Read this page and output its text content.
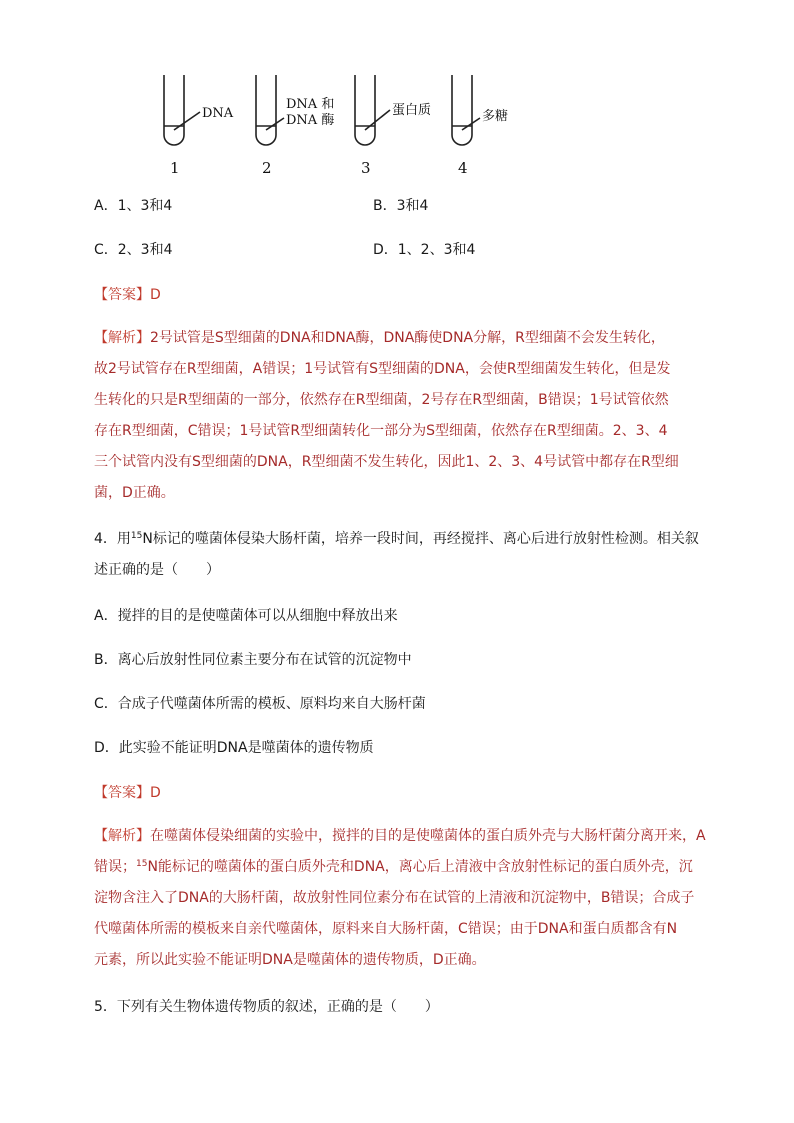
DNA
DNA 和
DNA 酶
蛋白质	多糖
1	2	3	4
A．1、3和4	B．3和4
C．2、3和4	D．1、2、3和4
【答案】D

【解析】2号试管是S型细菌的DNA和DNA酶，DNA酶使DNA分解，R型细菌不会发生转化，

故2号试管存在R型细菌，A错误；1号试管有S型细菌的DNA，会使R型细菌发生转化，但是发

生转化的只是R型细菌的一部分，依然存在R型细菌，2号存在R型细菌，B错误；1号试管依然

存在R型细菌，C错误；1号试管R型细菌转化一部分为S型细菌，依然存在R型细菌。2、3、4

三个试管内没有S型细菌的DNA，R型细菌不发生转化，因此1、2、3、4号试管中都存在R型细

菌，D正确。

4．用$^{15}$N标记的噬菌体侵染大肠杆菌，培养一段时间，再经搅拌、离心后进行放射性检测。相关叙

述正确的是（　　）

A．搅拌的目的是使噬菌体可以从细胞中释放出来
B．离心后放射性同位素主要分布在试管的沉淀物中
C．合成子代噬菌体所需的模板、原料均来自大肠杆菌
D．此实验不能证明DNA是噬菌体的遗传物质
【答案】D

【解析】在噬菌体侵染细菌的实验中，搅拌的目的是使噬菌体的蛋白质外壳与大肠杆菌分离开来，A

错误；$^{15}$N能标记的噬菌体的蛋白质外壳和DNA，离心后上清液中含放射性标记的蛋白质外壳，沉

淀物含注入了DNA的大肠杆菌，故放射性同位素分布在试管的上清液和沉淀物中，B错误；合成子

代噬菌体所需的模板来自亲代噬菌体，原料来自大肠杆菌，C错误；由于DNA和蛋白质都含有N

元素，所以此实验不能证明DNA是噬菌体的遗传物质，D正确。

5．下列有关生物体遗传物质的叙述，正确的是（　　）
